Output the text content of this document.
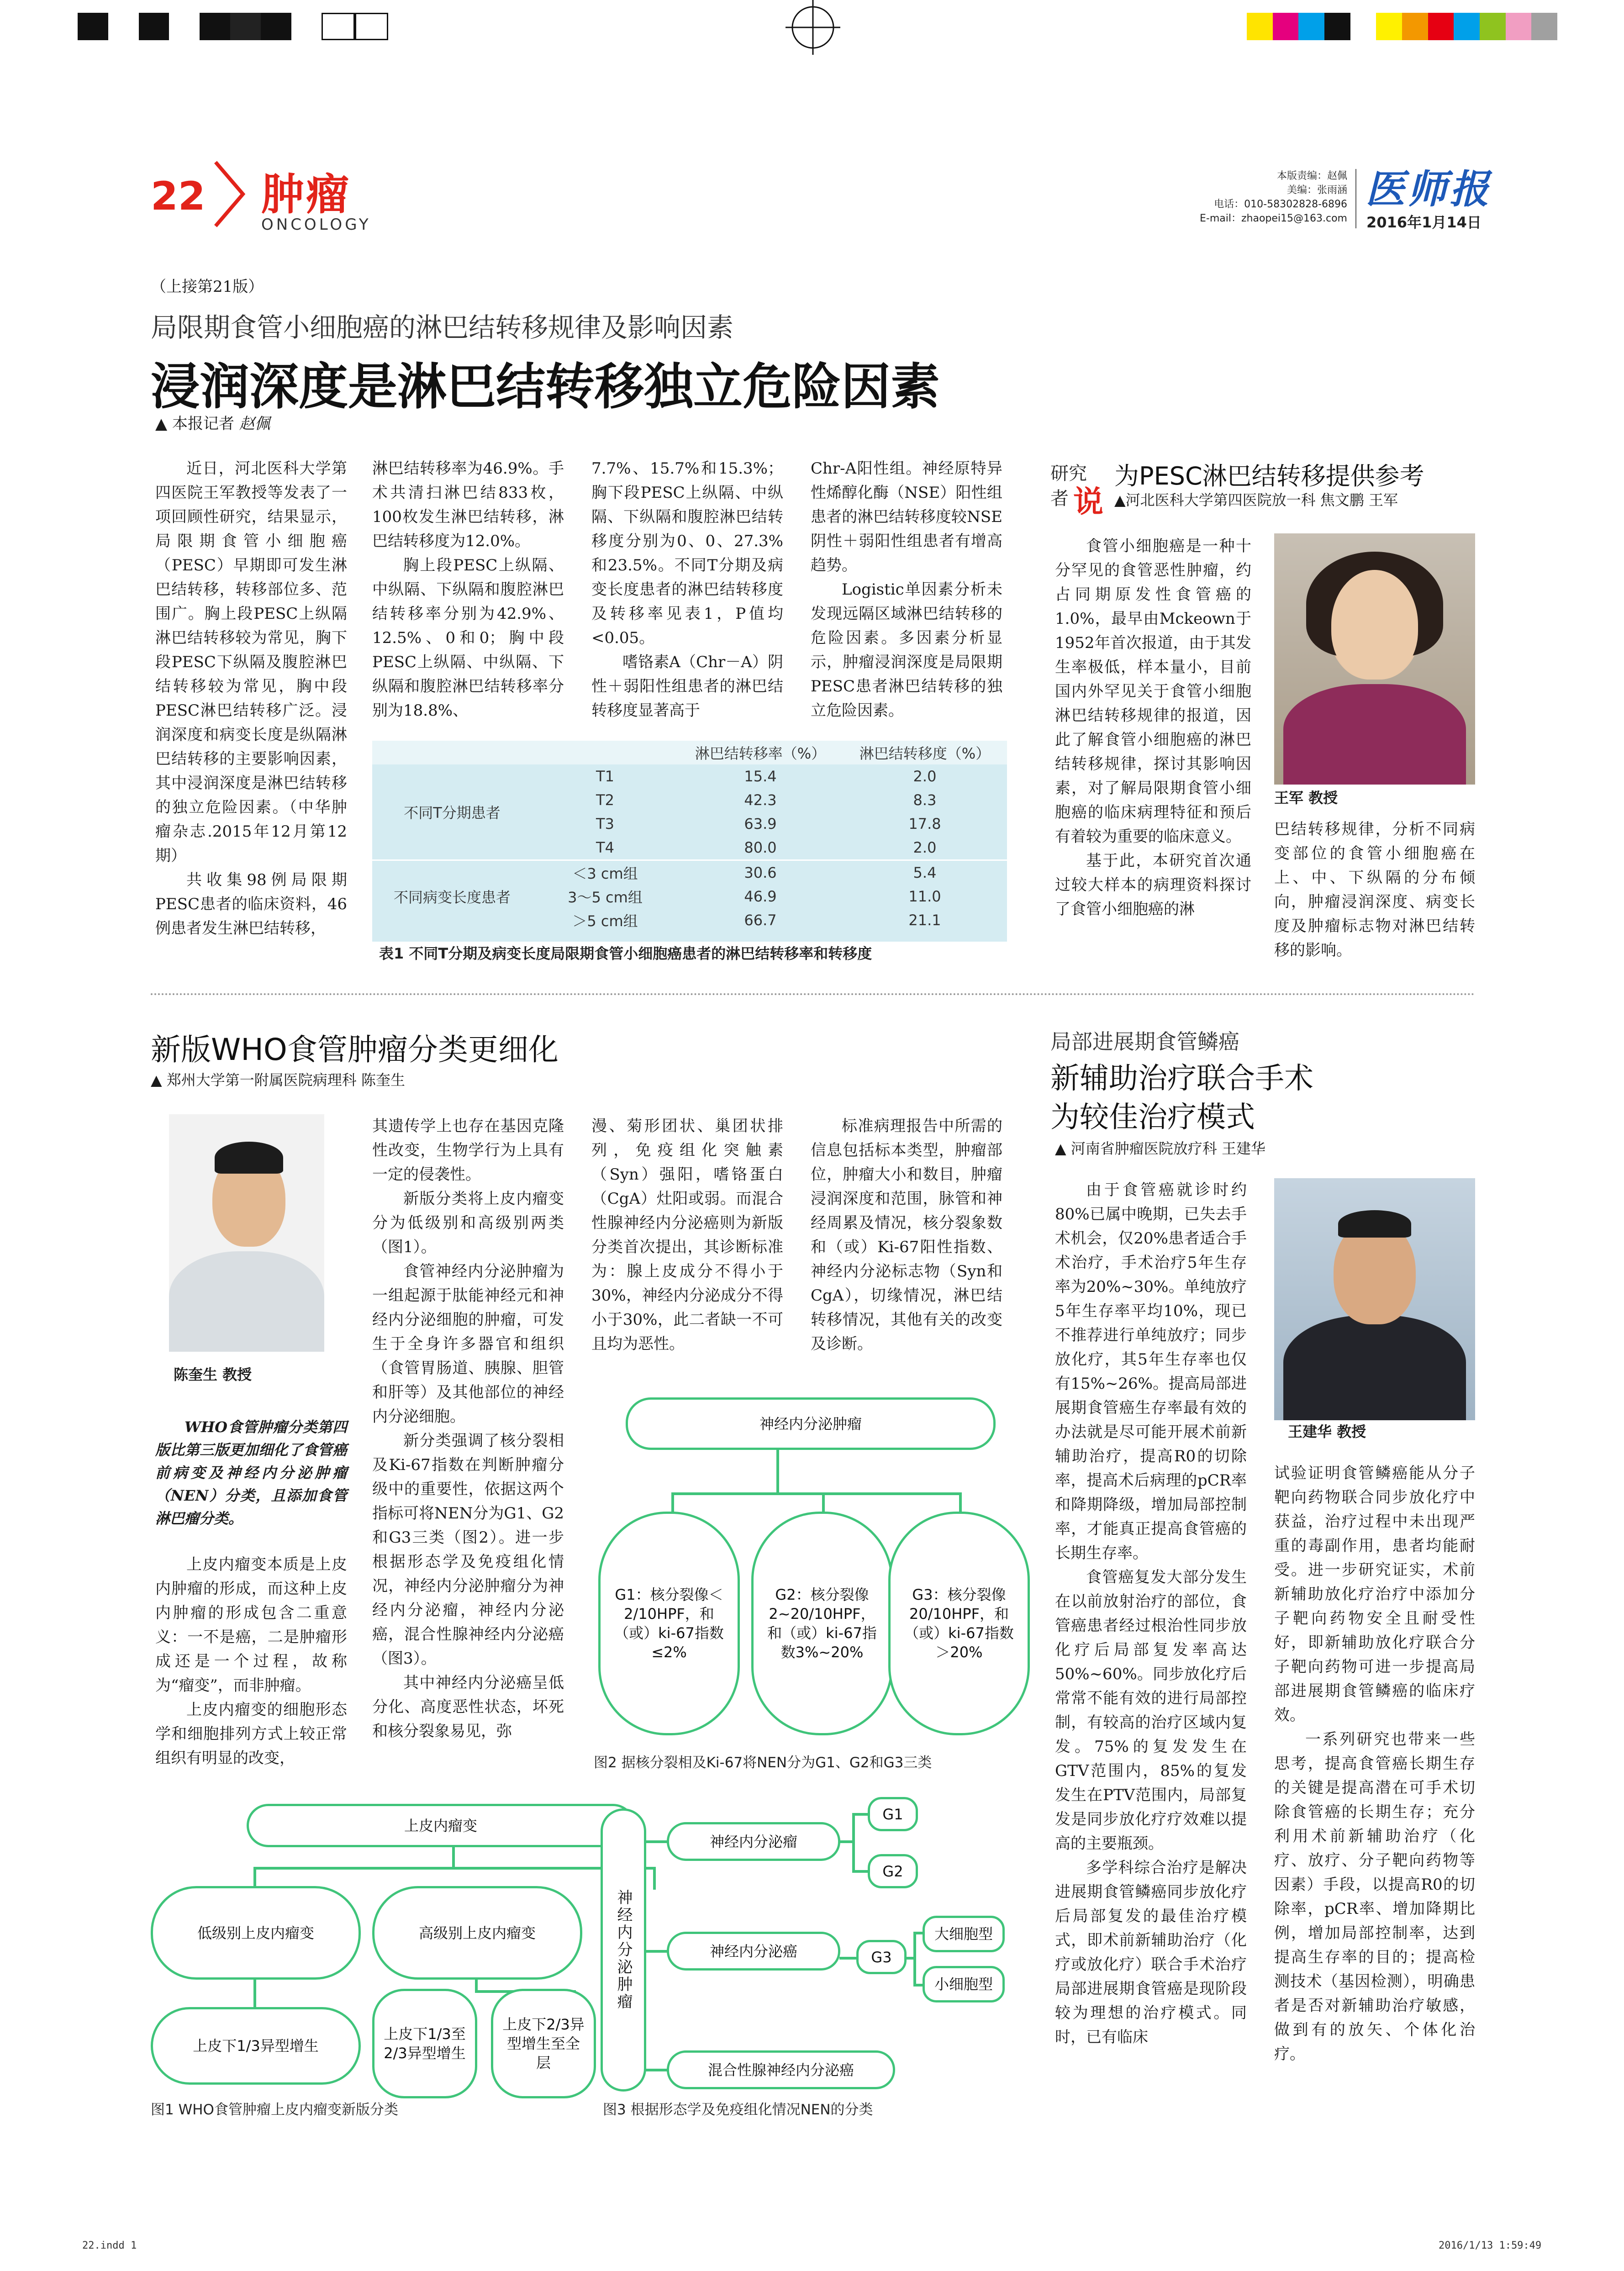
22 肿瘤
ONCOLOGY
本版责编：赵佩
美编：张雨涵
电话：010-58302828-6896
E-mail：zhaopei15@163.com
医师报
2016年1月14日
（上接第21版）
局限期食管小细胞癌的淋巴结转移规律及影响因素
浸润深度是淋巴结转移独立危险因素
▲ 本报记者 赵佩

近日，河北医科大学第四医院王军教授等发表了一项回顾性研究，结果显示，局限期食管小细胞癌（PESC）早期即可发生淋巴结转移，转移部位多、范围广。胸上段PESC上纵隔淋巴结转移较为常见，胸下段PESC下纵隔及腹腔淋巴结转移较为常见，胸中段PESC淋巴结转移广泛。浸润深度和病变长度是纵隔淋巴结转移的主要影响因素，其中浸润深度是淋巴结转移的独立危险因素。（中华肿瘤杂志.2015年12月第12期）

共收集98例局限期PESC患者的临床资料，46例患者发生淋巴结转移，

淋巴结转移率为46.9%。手术共清扫淋巴结833枚，100枚发生淋巴结转移，淋巴结转移度为12.0%。

胸上段PESC上纵隔、中纵隔、下纵隔和腹腔淋巴结转移率分别为42.9%、12.5%、0和0；胸中段PESC上纵隔、中纵隔、下纵隔和腹腔淋巴结转移率分别为18.8%、

7.7%、15.7%和15.3%；胸下段PESC上纵隔、中纵隔、下纵隔和腹腔淋巴结转移度分别为0、0、27.3%和23.5%。不同T分期及病变长度患者的淋巴结转移度及转移率见表1，P值均<0.05。

嗜铬素A（Chr－A）阴性＋弱阳性组患者的淋巴结转移度显著高于

Chr-A阳性组。神经原特异性烯醇化酶（NSE）阳性组患者的淋巴结转移度较NSE阴性＋弱阳性组患者有增高趋势。

Logistic单因素分析未发现远隔区域淋巴结转移的危险因素。多因素分析显示，肿瘤浸润深度是局限期PESC患者淋巴结转移的独立危险因素。

		淋巴结转移率（%）	淋巴结转移度（%）
不同T分期患者	T1	15.4	2.0
	T2	42.3	8.3
	T3	63.9	17.8
	T4	80.0	2.0
不同病变长度患者	＜3 cm组	30.6	5.4
	3～5 cm组	46.9	11.0
	＞5 cm组	66.7	21.1
表1 不同T分期及病变长度局限期食管小细胞癌患者的淋巴结转移率和转移度
研究
者 说
为PESC淋巴结转移提供参考
▲河北医科大学第四医院放一科 焦文鹏 王军

食管小细胞癌是一种十分罕见的食管恶性肿瘤，约占同期原发性食管癌的1.0%，最早由Mckeown于1952年首次报道，由于其发生率极低，样本量小，目前国内外罕见关于食管小细胞淋巴结转移规律的报道，因此了解食管小细胞癌的淋巴结转移规律，探讨其影响因素，对了解局限期食管小细胞癌的临床病理特征和预后有着较为重要的临床意义。

基于此，本研究首次通过较大样本的病理资料探讨了食管小细胞癌的淋

王军 教授

巴结转移规律，分析不同病变部位的食管小细胞癌在上、中、下纵隔的分布倾向，肿瘤浸润深度、病变长度及肿瘤标志物对淋巴结转移的影响。

新版WHO食管肿瘤分类更细化
▲ 郑州大学第一附属医院病理科 陈奎生
陈奎生 教授

WHO食管肿瘤分类第四版比第三版更加细化了食管癌前病变及神经内分泌肿瘤（NEN）分类，且添加食管淋巴瘤分类。

上皮内瘤变本质是上皮内肿瘤的形成，而这种上皮内肿瘤的形成包含二重意义：一不是癌，二是肿瘤形成还是一个过程，故称为“瘤变”，而非肿瘤。

上皮内瘤变的细胞形态学和细胞排列方式上较正常组织有明显的改变，

其遗传学上也存在基因克隆性改变，生物学行为上具有一定的侵袭性。

新版分类将上皮内瘤变分为低级别和高级别两类（图1）。

食管神经内分泌肿瘤为一组起源于肽能神经元和神经内分泌细胞的肿瘤，可发生于全身许多器官和组织（食管胃肠道、胰腺、胆管和肝等）及其他部位的神经内分泌细胞。

新分类强调了核分裂相及Ki-67指数在判断肿瘤分级中的重要性，依据这两个指标可将NEN分为G1、G2和G3三类（图2）。进一步根据形态学及免疫组化情况，神经内分泌肿瘤分为神经内分泌瘤，神经内分泌癌，混合性腺神经内分泌癌（图3）。

其中神经内分泌癌呈低分化、高度恶性状态，坏死和核分裂象易见，弥

漫、菊形团状、巢团状排列，免疫组化突触素（Syn）强阳，嗜铬蛋白（CgA）灶阳或弱。而混合性腺神经内分泌癌则为新版分类首次提出，其诊断标准为：腺上皮成分不得小于30%，神经内分泌成分不得小于30%，此二者缺一不可且均为恶性。

标准病理报告中所需的信息包括标本类型，肿瘤部位，肿瘤大小和数目，肿瘤浸润深度和范围，脉管和神经周累及情况，核分裂象数和（或）Ki-67阳性指数、神经内分泌标志物（Syn和CgA），切缘情况，淋巴结转移情况，其他有关的改变及诊断。

神经内分泌肿瘤
G1：核分裂像＜2/10HPF，和（或）ki-67指数≤2%
G2：核分裂像2~20/10HPF，和（或）ki-67指数3%~20%
G3：核分裂像20/10HPF，和（或）ki-67指数＞20%
图2 据核分裂相及Ki-67将NEN分为G1、G2和G3三类
上皮内瘤变
低级别上皮内瘤变	高级别上皮内瘤变
上皮下1/3异型增生
上皮下1/3至2/3异型增生
上皮下2/3异型增生至全层
图1 WHO食管肿瘤上皮内瘤变新版分类
神经内分泌肿瘤
神经内分泌瘤
神经内分泌癌
混合性腺神经内分泌癌
G1
G2
G3
大细胞型
小细胞型
图3 根据形态学及免疫组化情况NEN的分类
局部进展期食管鳞癌
新辅助治疗联合手术
为较佳治疗模式
▲ 河南省肿瘤医院放疗科 王建华

由于食管癌就诊时约80%已属中晚期，已失去手术机会，仅20%患者适合手术治疗，手术治疗5年生存率为20%~30%。单纯放疗5年生存率平均10%，现已不推荐进行单纯放疗；同步放化疗，其5年生存率也仅有15%~26%。提高局部进展期食管癌生存率最有效的办法就是尽可能开展术前新辅助治疗，提高R0的切除率，提高术后病理的pCR率和降期降级，增加局部控制率，才能真正提高食管癌的长期生存率。

食管癌复发大部分发生在以前放射治疗的部位，食管癌患者经过根治性同步放化疗后局部复发率高达50%~60%。同步放化疗后常常不能有效的进行局部控制，有较高的治疗区域内复发。75%的复发发生在GTV范围内，85%的复发发生在PTV范围内，局部复发是同步放化疗疗效难以提高的主要瓶颈。

多学科综合治疗是解决进展期食管鳞癌同步放化疗后局部复发的最佳治疗模式，即术前新辅助治疗（化疗或放化疗）联合手术治疗局部进展期食管癌是现阶段较为理想的治疗模式。同时，已有临床

王建华 教授

试验证明食管鳞癌能从分子靶向药物联合同步放化疗中获益，治疗过程中未出现严重的毒副作用，患者均能耐受。进一步研究证实，术前新辅助放化疗治疗中添加分子靶向药物安全且耐受性好，即新辅助放化疗联合分子靶向药物可进一步提高局部进展期食管鳞癌的临床疗效。

一系列研究也带来一些思考，提高食管癌长期生存的关键是提高潜在可手术切除食管癌的长期生存；充分利用术前新辅助治疗（化疗、放疗、分子靶向药物等因素）手段，以提高R0的切除率，pCR率、增加降期比例，增加局部控制率，达到提高生存率的目的；提高检测技术（基因检测），明确患者是否对新辅助治疗敏感，做到有的放矢、个体化治疗。

22.indd 1	2016/1/13 1:59:49
